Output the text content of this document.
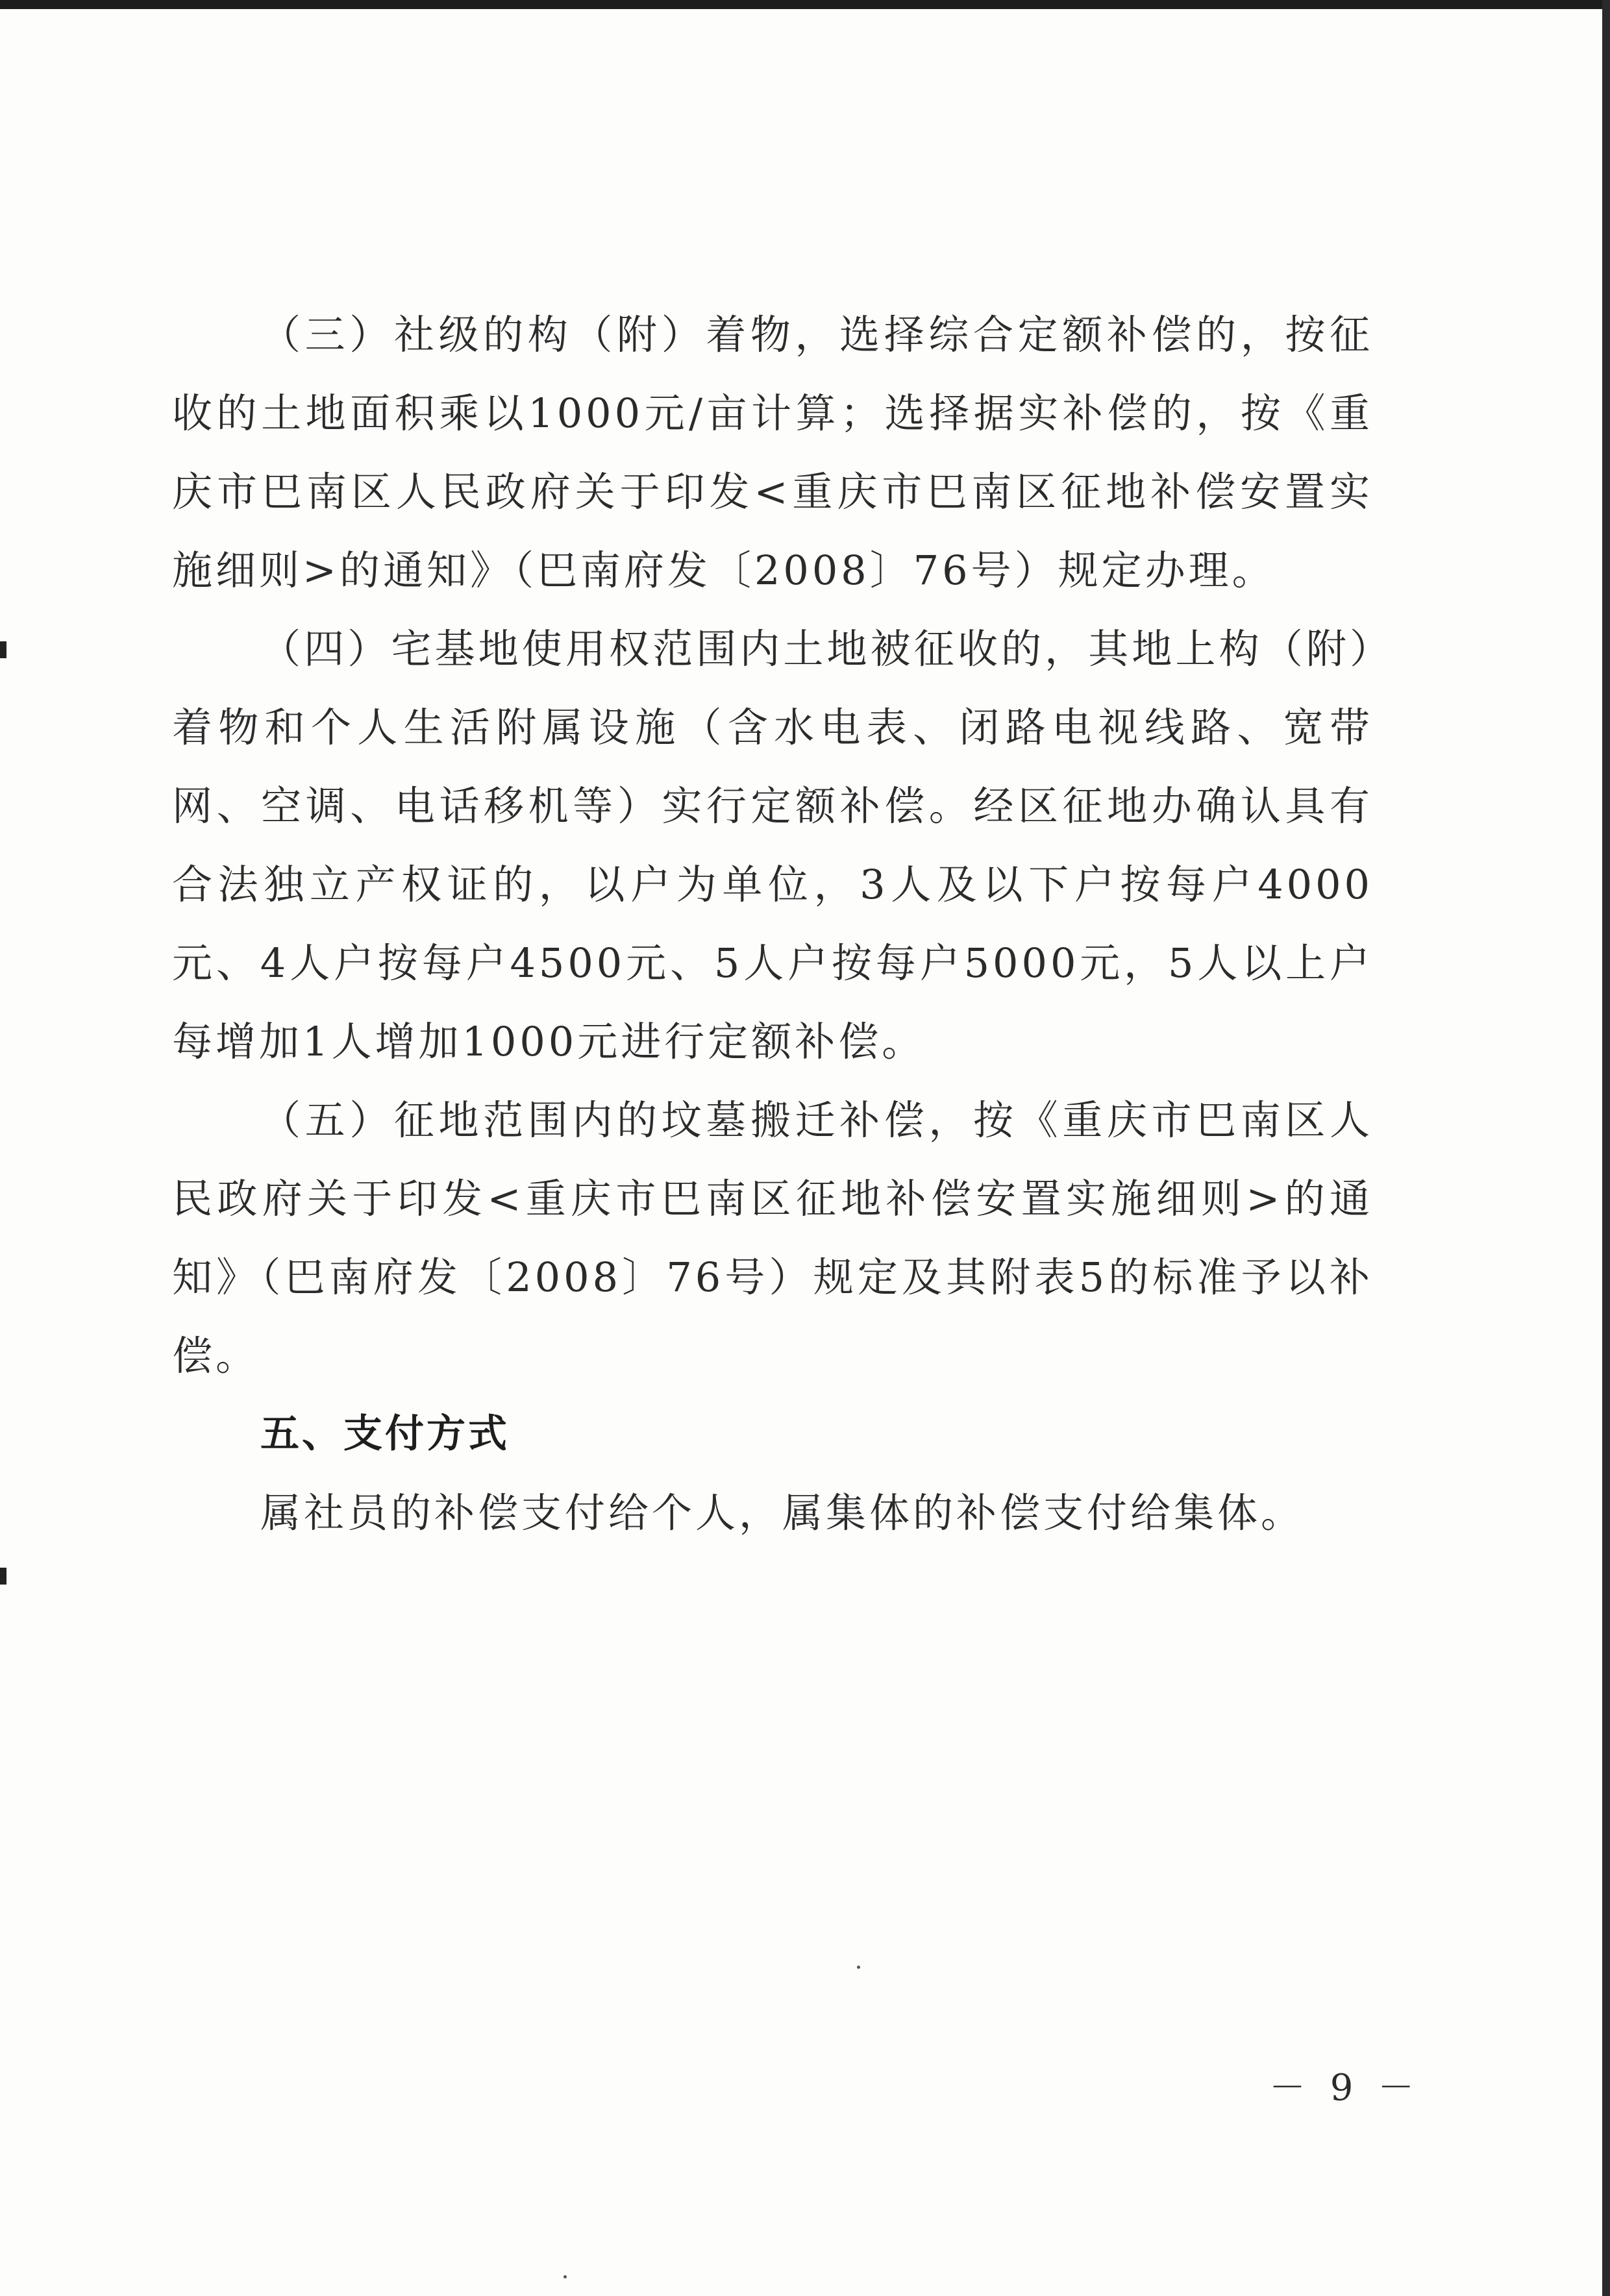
（三）社级的构（附）着物，选择综合定额补偿的，按征收的土地面积乘以1000元/亩计算；选择据实补偿的，按《重庆市巴南区人民政府关于印发<重庆市巴南区征地补偿安置实施细则>的通知》（巴南府发〔2008〕76号）规定办理。

（四）宅基地使用权范围内土地被征收的，其地上构（附）着物和个人生活附属设施（含水电表、闭路电视线路、宽带网、空调、电话移机等）实行定额补偿。经区征地办确认具有合法独立产权证的，以户为单位，3人及以下户按每户4000元、4人户按每户4500元、5人户按每户5000元，5人以上户每增加1人增加1000元进行定额补偿。

（五）征地范围内的坟墓搬迁补偿，按《重庆市巴南区人民政府关于印发<重庆市巴南区征地补偿安置实施细则>的通知》（巴南府发〔2008〕76号）规定及其附表5的标准予以补偿。

五、支付方式

属社员的补偿支付给个人，属集体的补偿支付给集体。

－ 9 －
